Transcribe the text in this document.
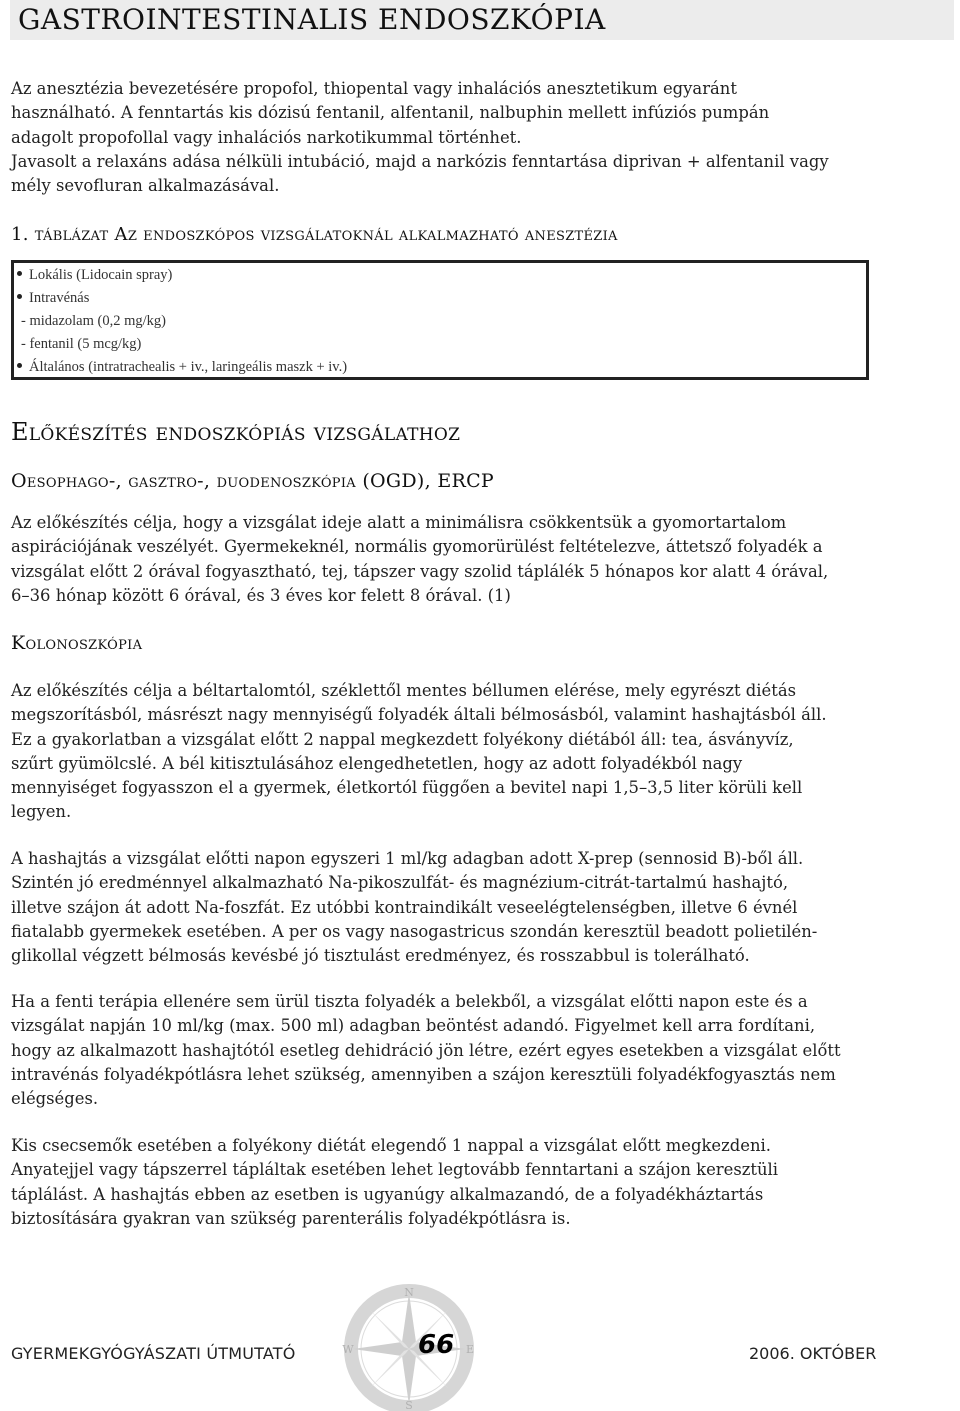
GASTROINTESTINALIS ENDOSZKÓPIA

Az anesztézia bevezetésére propofol, thiopental vagy inhalációs anesztetikum egyaránt
használható. A fenntartás kis dózisú fentanil, alfentanil, nalbuphin mellett infúziós pumpán
adagolt propofollal vagy inhalációs narkotikummal történhet.
Javasolt a relaxáns adása nélküli intubáció, majd a narkózis fenntartása diprivan + alfentanil vagy
mély sevofluran alkalmazásával.

1. táblázat Az endoszkópos vizsgálatoknál alkalmazható anesztézia
Lokális (Lidocain spray)
Intravénás
- midazolam (0,2 mg/kg)
- fentanil (5 mcg/kg)
Általános (intratrachealis + iv., laringeális maszk + iv.)
Előkészítés endoszkópiás vizsgálathoz
Oesophago-, gasztro-, duodenoszkópia (OGD), ERCP

Az előkészítés célja, hogy a vizsgálat ideje alatt a minimálisra csökkentsük a gyomortartalom
aspirációjának veszélyét. Gyermekeknél, normális gyomorürülést feltételezve, áttetsző folyadék a
vizsgálat előtt 2 órával fogyasztható, tej, tápszer vagy szolid táplálék 5 hónapos kor alatt 4 órával,
6–36 hónap között 6 órával, és 3 éves kor felett 8 órával. (1)

Kolonoszkópia

Az előkészítés célja a béltartalomtól, széklettől mentes béllumen elérése, mely egyrészt diétás
megszorításból, másrészt nagy mennyiségű folyadék általi bélmosásból, valamint hashajtásból áll.
Ez a gyakorlatban a vizsgálat előtt 2 nappal megkezdett folyékony diétából áll: tea, ásványvíz,
szűrt gyümölcslé. A bél kitisztulásához elengedhetetlen, hogy az adott folyadékból nagy
mennyiséget fogyasszon el a gyermek, életkortól függően a bevitel napi 1,5–3,5 liter körüli kell
legyen.

A hashajtás a vizsgálat előtti napon egyszeri 1 ml/kg adagban adott X-prep (sennosid B)-ből áll.
Szintén jó eredménnyel alkalmazható Na-pikoszulfát- és magnézium-citrát-tartalmú hashajtó,
illetve szájon át adott Na-foszfát. Ez utóbbi kontraindikált veseelégtelenségben, illetve 6 évnél
fiatalabb gyermekek esetében. A per os vagy nasogastricus szondán keresztül beadott polietilén-
glikollal végzett bélmosás kevésbé jó tisztulást eredményez, és rosszabbul is tolerálható.

Ha a fenti terápia ellenére sem ürül tiszta folyadék a belekből, a vizsgálat előtti napon este és a
vizsgálat napján 10 ml/kg (max. 500 ml) adagban beöntést adandó. Figyelmet kell arra fordítani,
hogy az alkalmazott hashajtótól esetleg dehidráció jön létre, ezért egyes esetekben a vizsgálat előtt
intravénás folyadékpótlásra lehet szükség, amennyiben a szájon keresztüli folyadékfogyasztás nem
elégséges.

Kis csecsemők esetében a folyékony diétát elegendő 1 nappal a vizsgálat előtt megkezdeni.
Anyatejjel vagy tápszerrel tápláltak esetében lehet legtovább fenntartani a szájon keresztüli
táplálást. A hashajtás ebben az esetben is ugyanúgy alkalmazandó, de a folyadékháztartás
biztosítására gyakran van szükség parenterális folyadékpótlásra is.

N
E
S
W
GYERMEKGYÓGYÁSZATI ÚTMUTATÓ	66	2006. OKTÓBER
